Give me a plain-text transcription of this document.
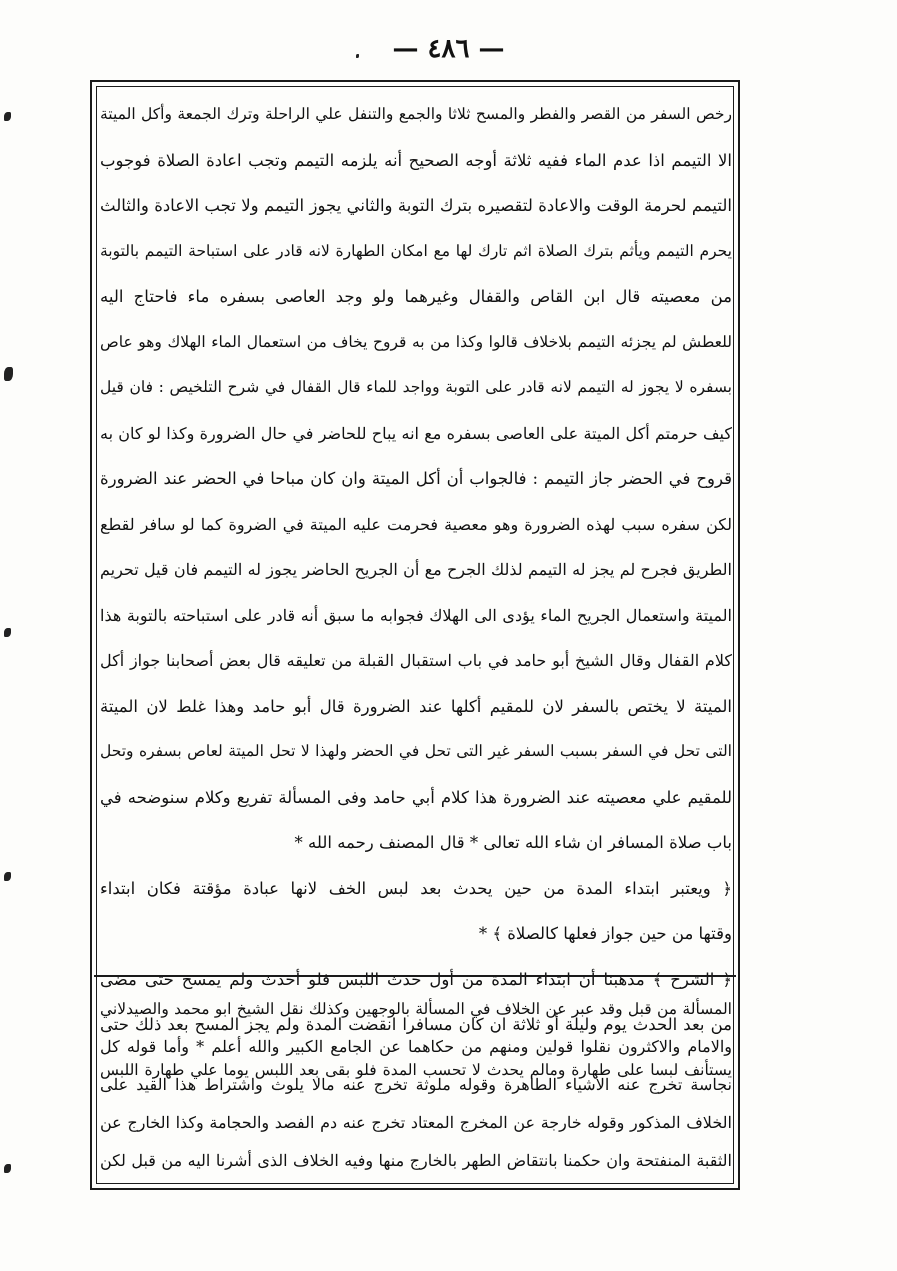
— ٤٨٦ —
رخص السفر من القصر والفطر والمسح ثلاثا والجمع والتنفل علي الراحلة وترك الجمعة وأكل الميتة
الا التيمم اذا عدم الماء ففيه ثلاثة أوجه الصحيح أنه يلزمه التيمم وتجب اعادة الصلاة فوجوب
التيمم لحرمة الوقت والاعادة لتقصيره بترك التوبة والثاني يجوز التيمم ولا تجب الاعادة والثالث
يحرم التيمم ويأثم بترك الصلاة اثم تارك لها مع امكان الطهارة لانه قادر على استباحة التيمم بالتوبة
من معصيته قال ابن القاص والقفال وغيرهما ولو وجد العاصى بسفره ماء فاحتاج اليه
للعطش لم يجزئه التيمم بلاخلاف قالوا وكذا من به قروح يخاف من استعمال الماء الهلاك وهو عاص
بسفره لا يجوز له التيمم لانه قادر على التوبة وواجد للماء قال القفال في شرح التلخيص : فان قيل
كيف حرمتم أكل الميتة على العاصى بسفره مع انه يباح للحاضر في حال الضرورة وكذا لو كان به
قروح في الحضر جاز التيمم : فالجواب أن أكل الميتة وان كان مباحا في الحضر عند الضرورة
لكن سفره سبب لهذه الضرورة وهو معصية فحرمت عليه الميتة في الضروة كما لو سافر لقطع
الطريق فجرح لم يجز له التيمم لذلك الجرح مع أن الجريح الحاضر يجوز له التيمم فان قيل تحريم
الميتة واستعمال الجريح الماء يؤدى الى الهلاك فجوابه ما سبق أنه قادر على استباحته بالتوبة هذا
كلام القفال وقال الشيخ أبو حامد في باب استقبال القبلة من تعليقه قال بعض أصحابنا جواز أكل
الميتة لا يختص بالسفر لان للمقيم أكلها عند الضرورة قال أبو حامد وهذا غلط لان الميتة
التى تحل في السفر بسبب السفر غير التى تحل في الحضر ولهذا لا تحل الميتة لعاص بسفره وتحل
للمقيم علي معصيته عند الضرورة هذا كلام أبي حامد وفى المسألة تفريع وكلام سنوضحه في
باب صلاة المسافر ان شاء الله تعالى * قال المصنف رحمه الله *
﴿ ويعتبر ابتداء المدة من حين يحدث بعد لبس الخف لانها عبادة مؤقتة فكان ابتداء
وقتها من حين جواز فعلها كالصلاة ﴾ *
﴿ الشرح ﴾ مذهبنا أن ابتداء المدة من أول حدث اللبس فلو أحدث ولم يمسح حتى مضى
من بعد الحدث يوم وليلة أو ثلاثة ان كان مسافرا انقضت المدة ولم يجز المسح بعد ذلك حتى
يستأنف لبسا على طهارة ومالم يحدث لا تحسب المدة فلو بقى بعد اللبس يوما علي طهارة اللبس
المسألة من قبل وقد عبر عن الخلاف في المسألة بالوجهين وكذلك نقل الشيخ ابو محمد والصيدلاني
والامام والاكثرون نقلوا قولين ومنهم من حكاهما عن الجامع الكبير والله أعلم * وأما قوله كل
نجاسة تخرج عنه الاشياء الطاهرة وقوله ملوثة تخرج عنه مالا يلوث واشتراط هذا القيد على
الخلاف المذكور وقوله خارجة عن المخرج المعتاد تخرج عنه دم الفصد والحجامة وكذا الخارج عن
الثقبة المنفتحة وان حكمنا بانتقاض الطهر بالخارج منها وفيه الخلاف الذى أشرنا اليه من قبل لكن
